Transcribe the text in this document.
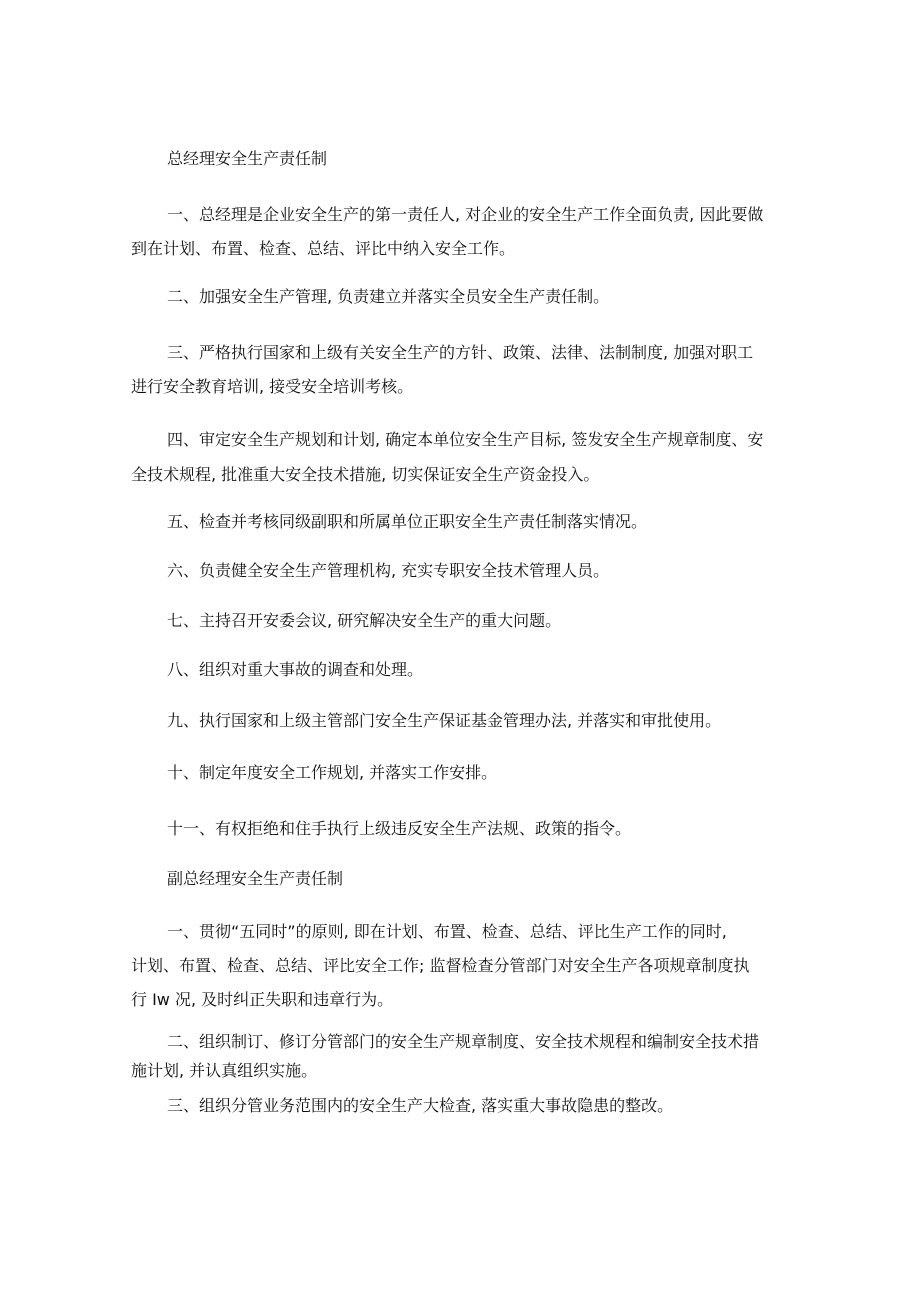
总经理安全生产责任制
一、总经理是企业安全生产的第一责任人, 对企业的安全生产工作全面负责, 因此要做
到在计划、布置、检查、总结、评比中纳入安全工作。
二、加强安全生产管理, 负责建立并落实全员安全生产责任制。
三、严格执行国家和上级有关安全生产的方针、政策、法律、法制制度, 加强对职工
进行安全教育培训, 接受安全培训考核。
四、审定安全生产规划和计划, 确定本单位安全生产目标, 签发安全生产规章制度、安
全技术规程, 批准重大安全技术措施, 切实保证安全生产资金投入。
五、检查并考核同级副职和所属单位正职安全生产责任制落实情况。
六、负责健全安全生产管理机构, 充实专职安全技术管理人员。
七、主持召开安委会议, 研究解决安全生产的重大问题。
八、组织对重大事故的调查和处理。
九、执行国家和上级主管部门安全生产保证基金管理办法, 并落实和审批使用。
十、制定年度安全工作规划, 并落实工作安排。
十一、有权拒绝和住手执行上级违反安全生产法规、政策的指令。
副总经理安全生产责任制
一、贯彻“五同时”的原则, 即在计划、布置、检查、总结、评比生产工作的同时,
计划、布置、检查、总结、评比安全工作; 监督检查分管部门对安全生产各项规章制度执
行 Iw 况, 及时纠正失职和违章行为。
二、组织制订、修订分管部门的安全生产规章制度、安全技术规程和编制安全技术措
施计划, 并认真组织实施。
三、组织分管业务范围内的安全生产大检查, 落实重大事故隐患的整改。
